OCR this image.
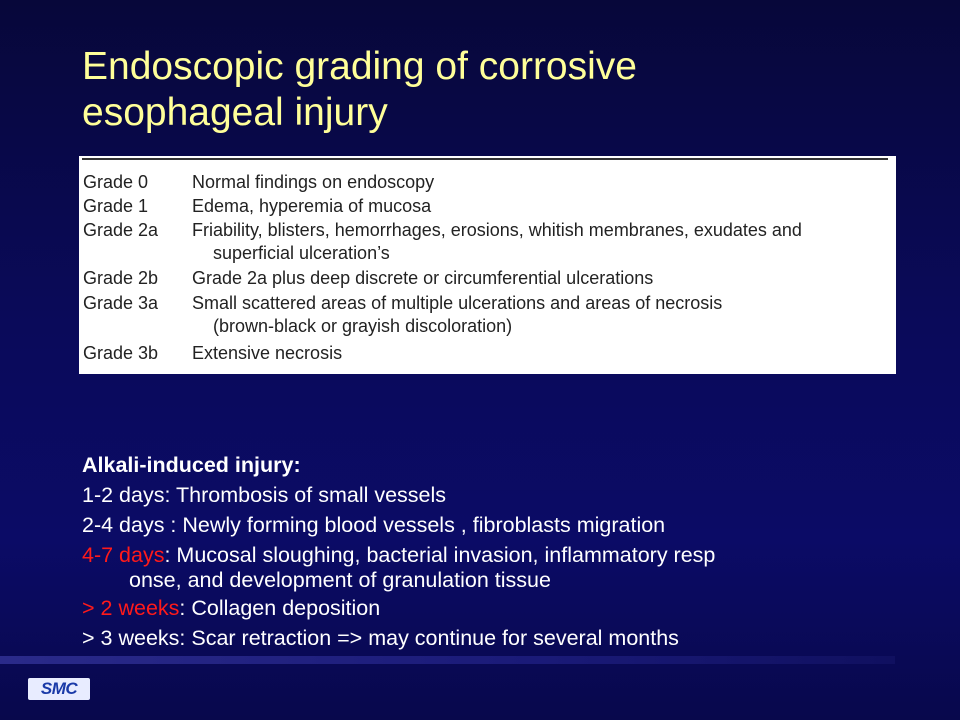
Endoscopic grading of corrosive
esophageal injury
Grade 0	Normal findings on endoscopy
Grade 1	Edema, hyperemia of mucosa
Grade 2a	Friability, blisters, hemorrhages, erosions, whitish membranes, exudates and
superficial ulceration’s
Grade 2b	Grade 2a plus deep discrete or circumferential ulcerations
Grade 3a	Small scattered areas of multiple ulcerations and areas of necrosis
(brown-black or grayish discoloration)
Grade 3b	Extensive necrosis
Alkali-induced injury:
1-2 days: Thrombosis of small vessels
2-4 days : Newly forming blood vessels , fibroblasts migration
4-7 days: Mucosal sloughing, bacterial invasion, inflammatory resp
onse, and development of granulation tissue
> 2 weeks: Collagen deposition
> 3 weeks: Scar retraction => may continue for several months
SMC
